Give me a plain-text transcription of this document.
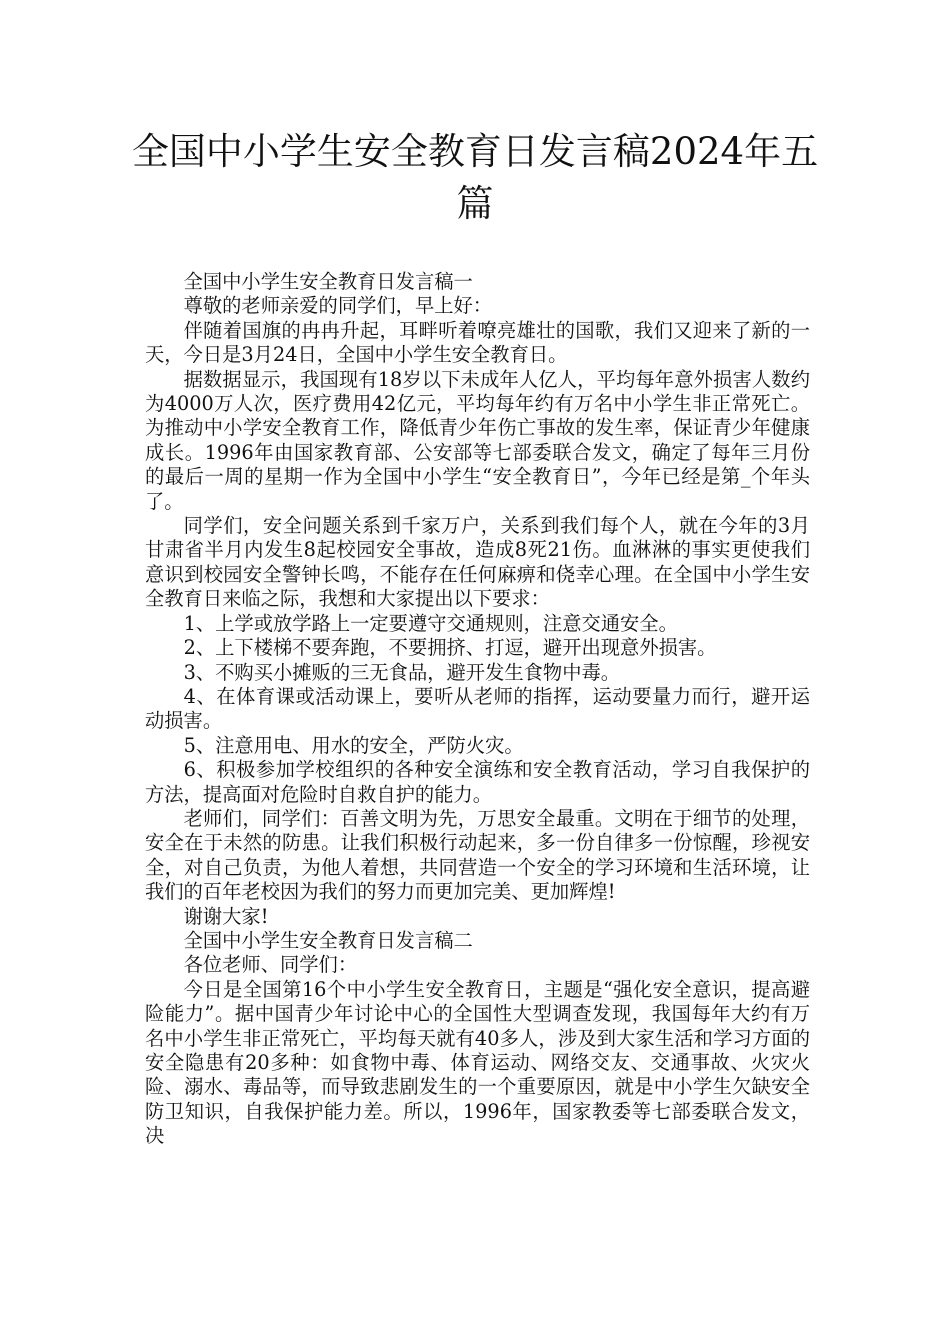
全国中小学生安全教育日发言稿2024年五篇

全国中小学生安全教育日发言稿一

尊敬的老师亲爱的同学们，早上好：

伴随着国旗的冉冉升起，耳畔听着嘹亮雄壮的国歌，我们又迎来了新的一天，今日是3月24日，全国中小学生安全教育日。

据数据显示，我国现有18岁以下未成年人亿人，平均每年意外损害人数约为4000万人次，医疗费用42亿元，平均每年约有万名中小学生非正常死亡。为推动中小学安全教育工作，降低青少年伤亡事故的发生率，保证青少年健康成长。1996年由国家教育部、公安部等七部委联合发文，确定了每年三月份的最后一周的星期一作为全国中小学生“安全教育日”，今年已经是第_个年头了。

同学们，安全问题关系到千家万户，关系到我们每个人，就在今年的3月甘肃省半月内发生8起校园安全事故，造成8死21伤。血淋淋的事实更使我们意识到校园安全警钟长鸣，不能存在任何麻痹和侥幸心理。在全国中小学生安全教育日来临之际，我想和大家提出以下要求：

1、上学或放学路上一定要遵守交通规则，注意交通安全。

2、上下楼梯不要奔跑，不要拥挤、打逗，避开出现意外损害。

3、不购买小摊贩的三无食品，避开发生食物中毒。

4、在体育课或活动课上，要听从老师的指挥，运动要量力而行，避开运动损害。

5、注意用电、用水的安全，严防火灾。

6、积极参加学校组织的各种安全演练和安全教育活动，学习自我保护的方法，提高面对危险时自救自护的能力。

老师们，同学们：百善文明为先，万思安全最重。文明在于细节的处理，安全在于未然的防患。让我们积极行动起来，多一份自律多一份惊醒，珍视安全，对自己负责，为他人着想，共同营造一个安全的学习环境和生活环境，让我们的百年老校因为我们的努力而更加完美、更加辉煌!

谢谢大家!

全国中小学生安全教育日发言稿二

各位老师、同学们：

今日是全国第16个中小学生安全教育日，主题是“强化安全意识，提高避险能力”。据中国青少年讨论中心的全国性大型调查发现，我国每年大约有万名中小学生非正常死亡，平均每天就有40多人，涉及到大家生活和学习方面的安全隐患有20多种：如食物中毒、体育运动、网络交友、交通事故、火灾火险、溺水、毒品等，而导致悲剧发生的一个重要原因，就是中小学生欠缺安全防卫知识，自我保护能力差。所以，1996年，国家教委等七部委联合发文，决
